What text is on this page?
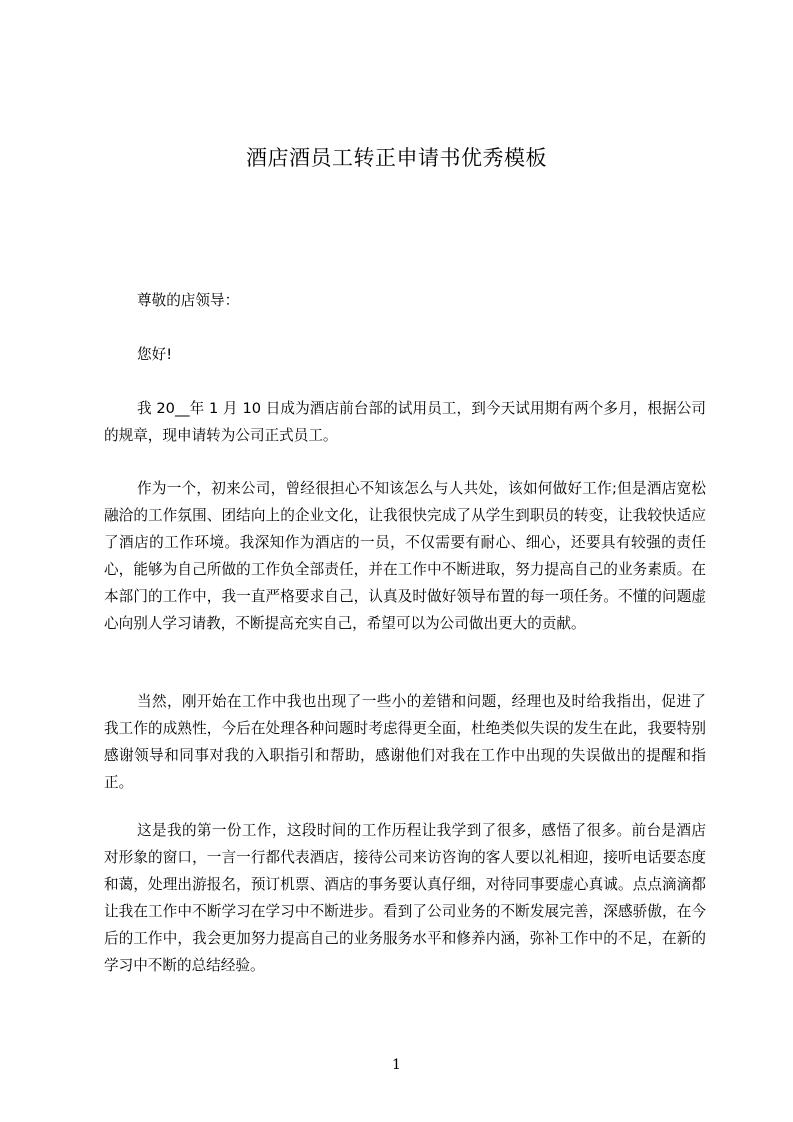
酒店酒员工转正申请书优秀模板

尊敬的店领导：

您好!

我 20__年 1 月 10 日成为酒店前台部的试用员工，到今天试用期有两个多月，根据公司的规章，现申请转为公司正式员工。

作为一个，初来公司，曾经很担心不知该怎么与人共处，该如何做好工作;但是酒店宽松融洽的工作氛围、团结向上的企业文化，让我很快完成了从学生到职员的转变，让我较快适应了酒店的工作环境。我深知作为酒店的一员，不仅需要有耐心、细心，还要具有较强的责任心，能够为自己所做的工作负全部责任，并在工作中不断进取，努力提高自己的业务素质。在本部门的工作中，我一直严格要求自己，认真及时做好领导布置的每一项任务。不懂的问题虚心向别人学习请教，不断提高充实自己，希望可以为公司做出更大的贡献。

当然，刚开始在工作中我也出现了一些小的差错和问题，经理也及时给我指出，促进了我工作的成熟性，今后在处理各种问题时考虑得更全面，杜绝类似失误的发生在此，我要特别感谢领导和同事对我的入职指引和帮助，感谢他们对我在工作中出现的失误做出的提醒和指正。

这是我的第一份工作，这段时间的工作历程让我学到了很多，感悟了很多。前台是酒店对形象的窗口，一言一行都代表酒店，接待公司来访咨询的客人要以礼相迎，接听电话要态度和蔼，处理出游报名，预订机票、酒店的事务要认真仔细，对待同事要虚心真诚。点点滴滴都让我在工作中不断学习在学习中不断进步。看到了公司业务的不断发展完善，深感骄傲，在今后的工作中，我会更加努力提高自己的业务服务水平和修养内涵，弥补工作中的不足，在新的学习中不断的总结经验。

1
